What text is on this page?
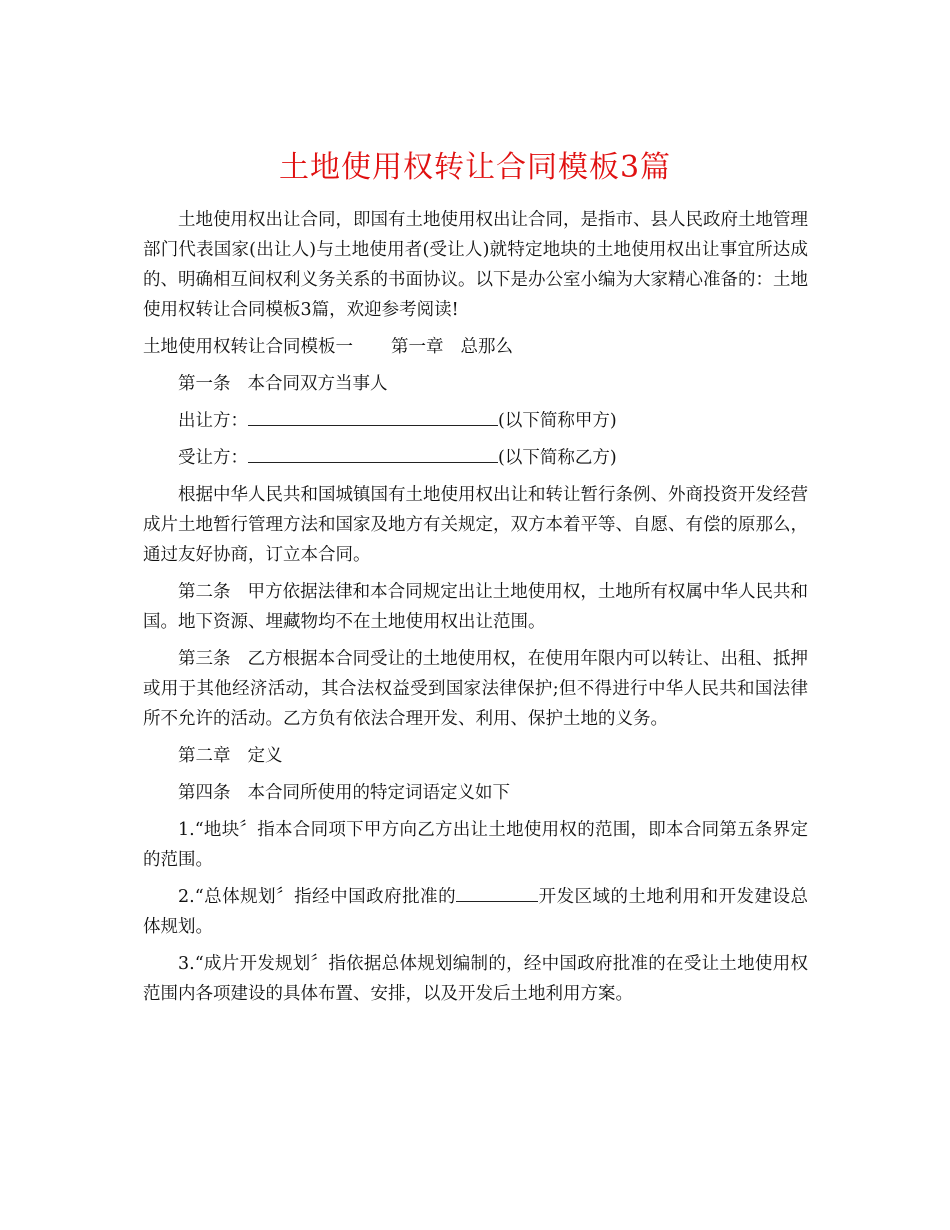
土地使用权转让合同模板3篇

土地使用权出让合同，即国有土地使用权出让合同，是指市、县人民政府土地管理部门代表国家(出让人)与土地使用者(受让人)就特定地块的土地使用权出让事宜所达成的、明确相互间权利义务关系的书面协议。以下是办公室小编为大家精心准备的：土地使用权转让合同模板3篇，欢迎参考阅读!

土地使用权转让合同模板一 第一章 总那么

第一条 本合同双方当事人

出让方：	(以下简称甲方)

受让方：	(以下简称乙方)

根据中华人民共和国城镇国有土地使用权出让和转让暂行条例、外商投资开发经营成片土地暂行管理方法和国家及地方有关规定，双方本着平等、自愿、有偿的原那么，通过友好协商，订立本合同。

第二条 甲方依据法律和本合同规定出让土地使用权，土地所有权属中华人民共和国。地下资源、埋藏物均不在土地使用权出让范围。

第三条 乙方根据本合同受让的土地使用权，在使用年限内可以转让、出租、抵押或用于其他经济活动，其合法权益受到国家法律保护;但不得进行中华人民共和国法律所不允许的活动。乙方负有依法合理开发、利用、保护土地的义务。

第二章 定义

第四条 本合同所使用的特定词语定义如下

1.“地块〞指本合同项下甲方向乙方出让土地使用权的范围，即本合同第五条界定的范围。

2.“总体规划〞指经中国政府批准的	开发区域的土地利用和开发建设总体规划。

3.“成片开发规划〞指依据总体规划编制的，经中国政府批准的在受让土地使用权范围内各项建设的具体布置、安排，以及开发后土地利用方案。
